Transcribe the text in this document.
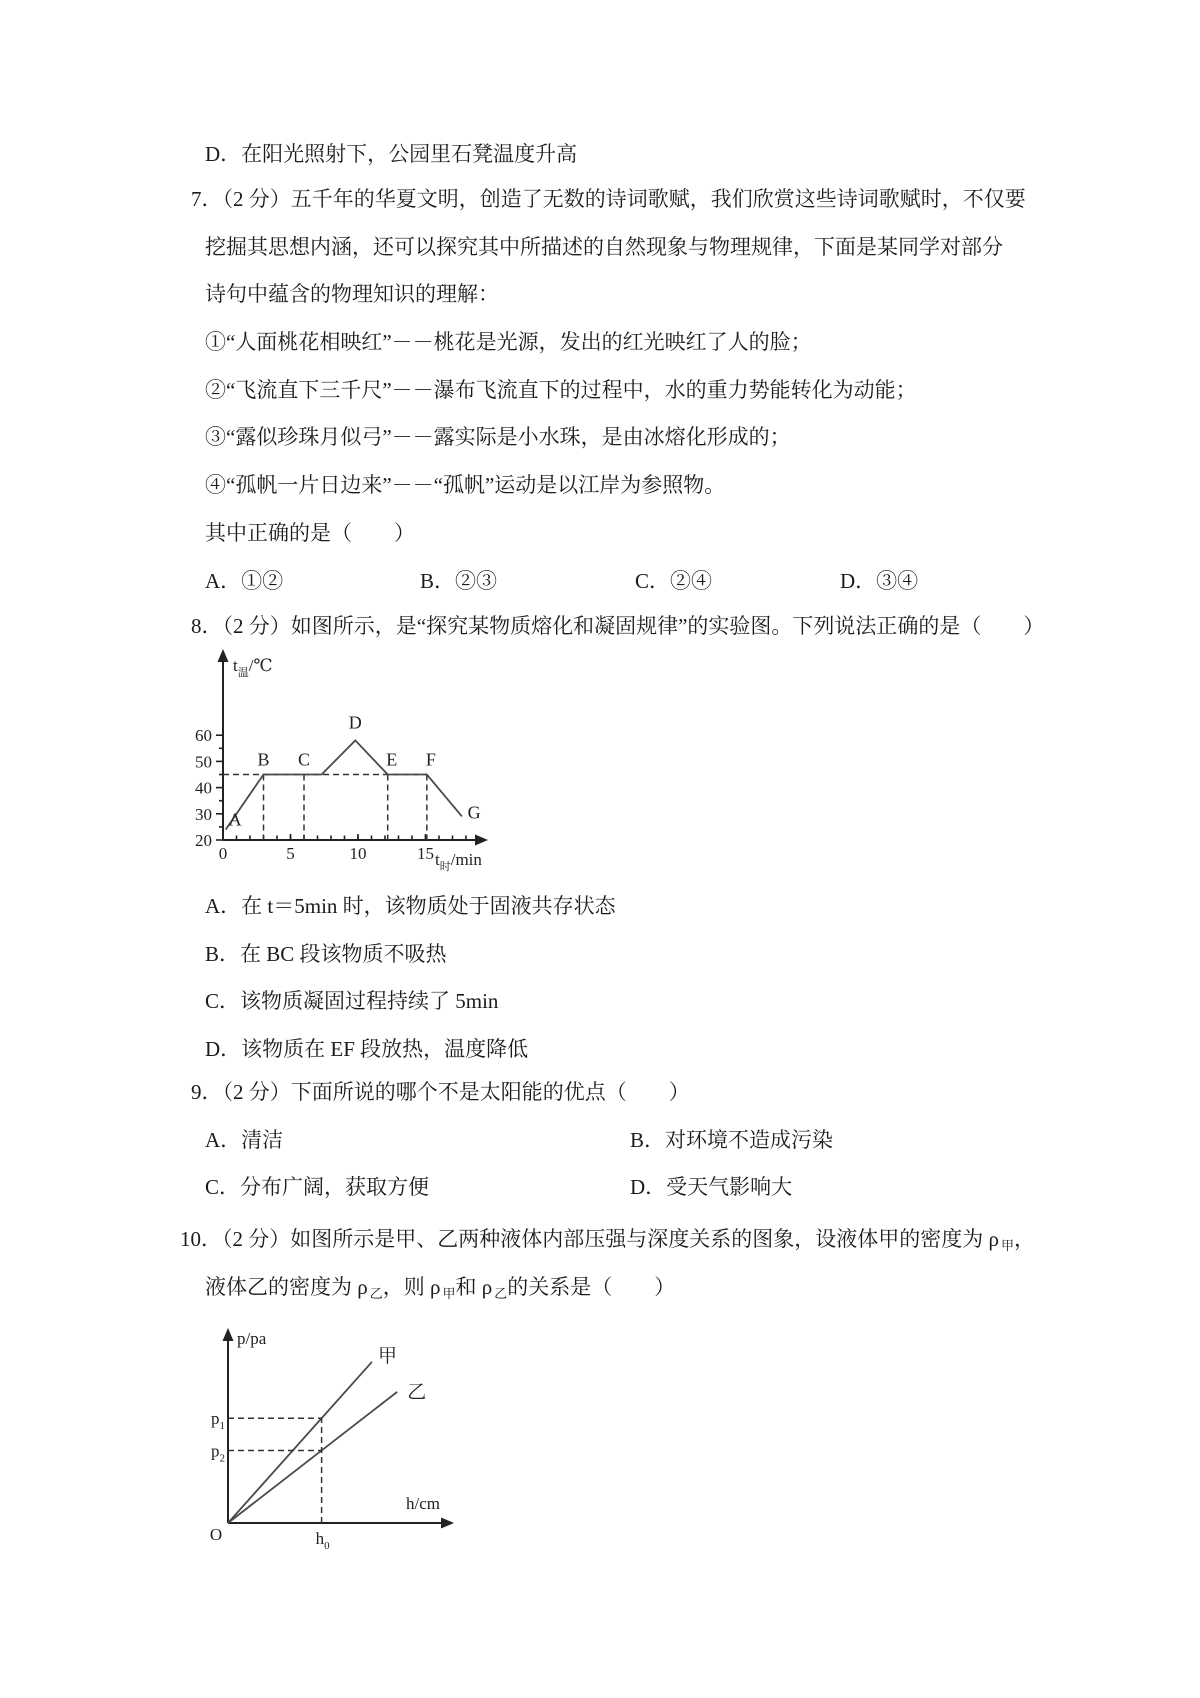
D．在阳光照射下，公园里石凳温度升高
7．（2 分）五千年的华夏文明，创造了无数的诗词歌赋，我们欣赏这些诗词歌赋时，不仅要
挖掘其思想内涵，还可以探究其中所描述的自然现象与物理规律，下面是某同学对部分
诗句中蕴含的物理知识的理解：
①“人面桃花相映红”－－桃花是光源，发出的红光映红了人的脸；
②“飞流直下三千尺”－－瀑布飞流直下的过程中，水的重力势能转化为动能；
③“露似珍珠月似弓”－－露实际是小水珠，是由冰熔化形成的；
④“孤帆一片日边来”－－“孤帆”运动是以江岸为参照物。
其中正确的是（　　）
A．①②	B．②③	C．②④	D．③④
8．（2 分）如图所示，是“探究某物质熔化和凝固规律”的实验图。下列说法正确的是（　　）
20
30
40
50
60
0	5	10	15
$t_温/℃$
$t_时/\min$
A
B C
D
E F
G
A．在 t＝5min 时，该物质处于固液共存状态
B．在 BC 段该物质不吸热
C．该物质凝固过程持续了 5min
D．该物质在 EF 段放热，温度降低
9．（2 分）下面所说的哪个不是太阳能的优点（　　）
A．清洁	B．对环境不造成污染
C．分布广阔，获取方便	D．受天气影响大
10．（2 分）如图所示是甲、乙两种液体内部压强与深度关系的图象，设液体甲的密度为 ρ 甲，
液体乙的密度为 ρ 乙，则 ρ 甲和 ρ 乙的关系是（　　）
p/pa
h/cm
O
甲
乙
$p_1$
$p_2$
$h_0$
